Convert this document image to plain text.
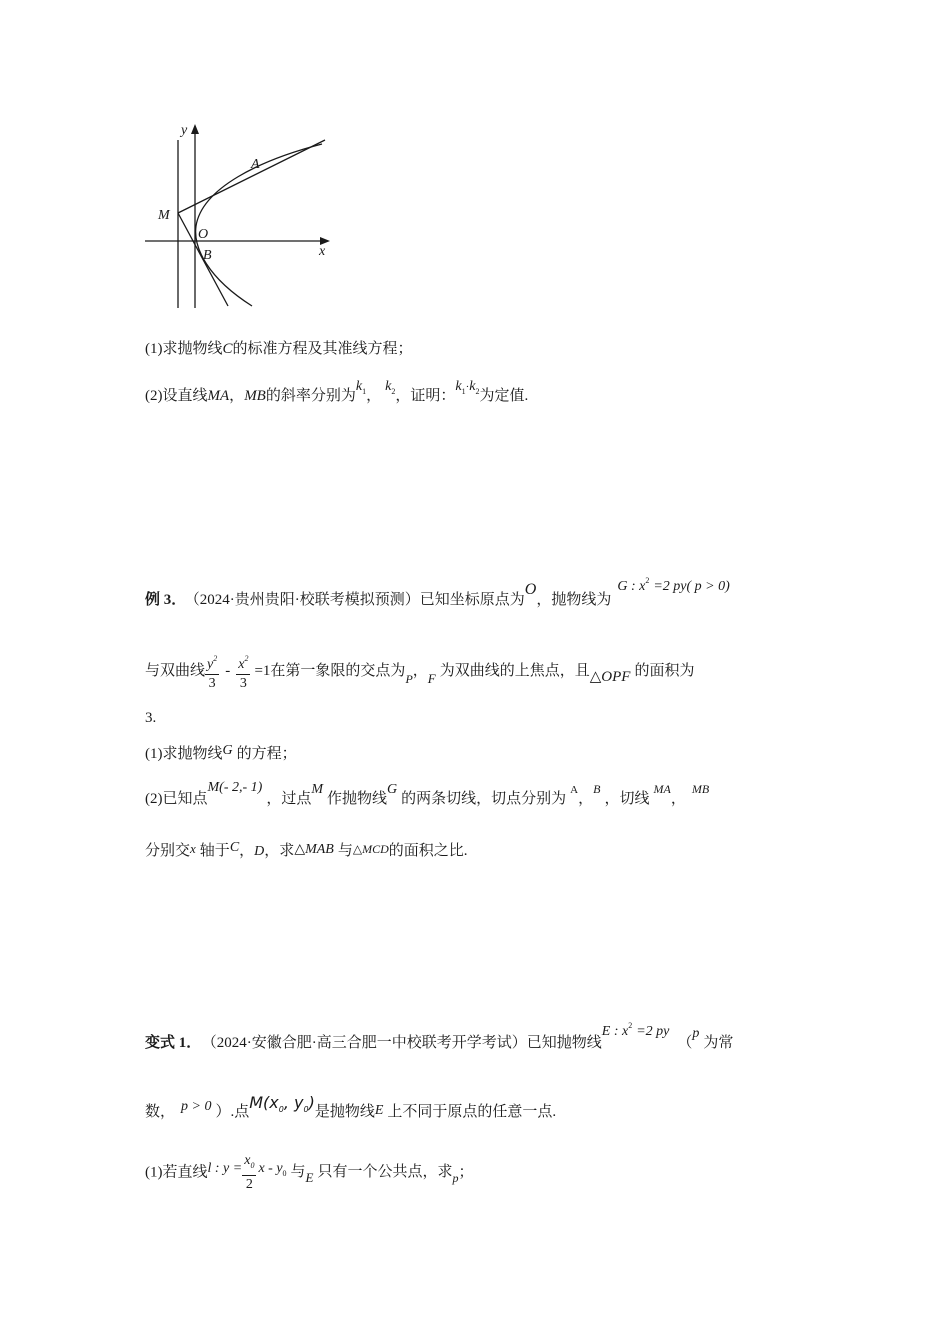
y
x
A
M
O
B
(1)求抛物线C的标准方程及其准线方程；
(2)设直线MA，MB的斜率分别为$k_1$，$k_2$，证明：$k_1\cdot k_2$为定值.
例 3． （2024·贵州贵阳·校联考模拟预测）已知坐标原点为O，抛物线为G : $x^2 =2$ py( p > 0)
与双曲线 $\frac{y^2}{3} - \frac{x^2}{3} =1$在第一象限的交点为$_P$，F 为双曲线的上焦点，且△OPF 的面积为
3.
(1)求抛物线G 的方程；
(2)已知点M(- 2,- 1)，过点M作抛物线G的两条切线，切点分别为$^A$，$^B$，切线$^{MA}$，$^{MB}$
分别交x 轴于C，D，求△MAB 与△MCD的面积之比.
变式 1． （2024·安徽合肥·高三合肥一中校联考开学考试）已知抛物线E : $x^2 =2$ py（p为常
数， p > 0 ）.点$M(x_0$, $y_0$)是抛物线E 上不同于原点的任意一点.
(1)若直线l : $y = \frac{x_0}{2}$ x - $y_0$ 与E 只有一个公共点，求$_p$；
